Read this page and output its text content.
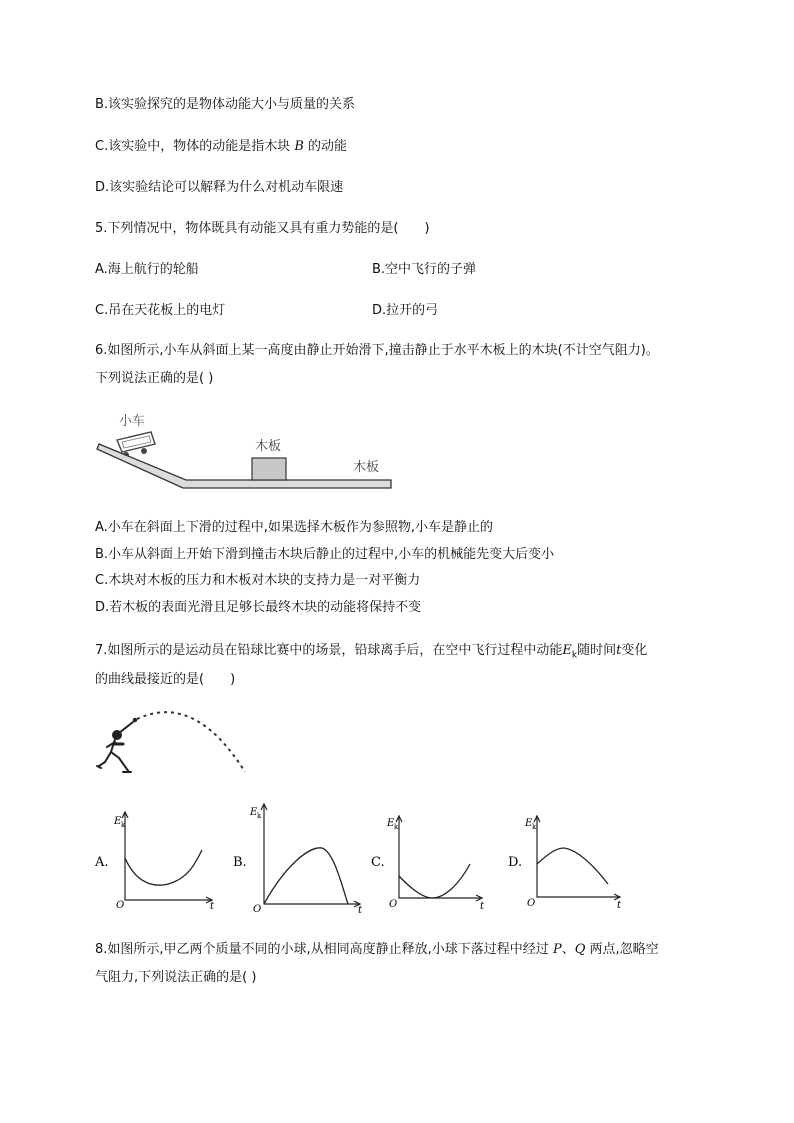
B.该实验探究的是物体动能大小与质量的关系
C.该实验中，物体的动能是指木块 B 的动能
D.该实验结论可以解释为什么对机动车限速
5.下列情况中，物体既具有动能又具有重力势能的是(　　)
A.海上航行的轮船	B.空中飞行的子弹
C.吊在天花板上的电灯	D.拉开的弓
6.如图所示,小车从斜面上某一高度由静止开始滑下,撞击静止于水平木板上的木块(不计空气阻力)。
下列说法正确的是( )
小车
木板
木板
A.小车在斜面上下滑的过程中,如果选择木板作为参照物,小车是静止的
B.小车从斜面上开始下滑到撞击木块后静止的过程中,小车的机械能先变大后变小
C.木块对木板的压力和木板对木块的支持力是一对平衡力
D.若木板的表面光滑且足够长最终木块的动能将保持不变
7.如图所示的是运动员在铅球比赛中的场景，铅球离手后，在空中飞行过程中动能$E_k$随时间t变化
的曲线最接近的是(　　)
A.
E k
O	t
B.
E k
O	t
C.
E k
O	t
D.
E k
O	t
8.如图所示,甲乙两个质量不同的小球,从相同高度静止释放,小球下落过程中经过 P、Q 两点,忽略空
气阻力,下列说法正确的是( )
